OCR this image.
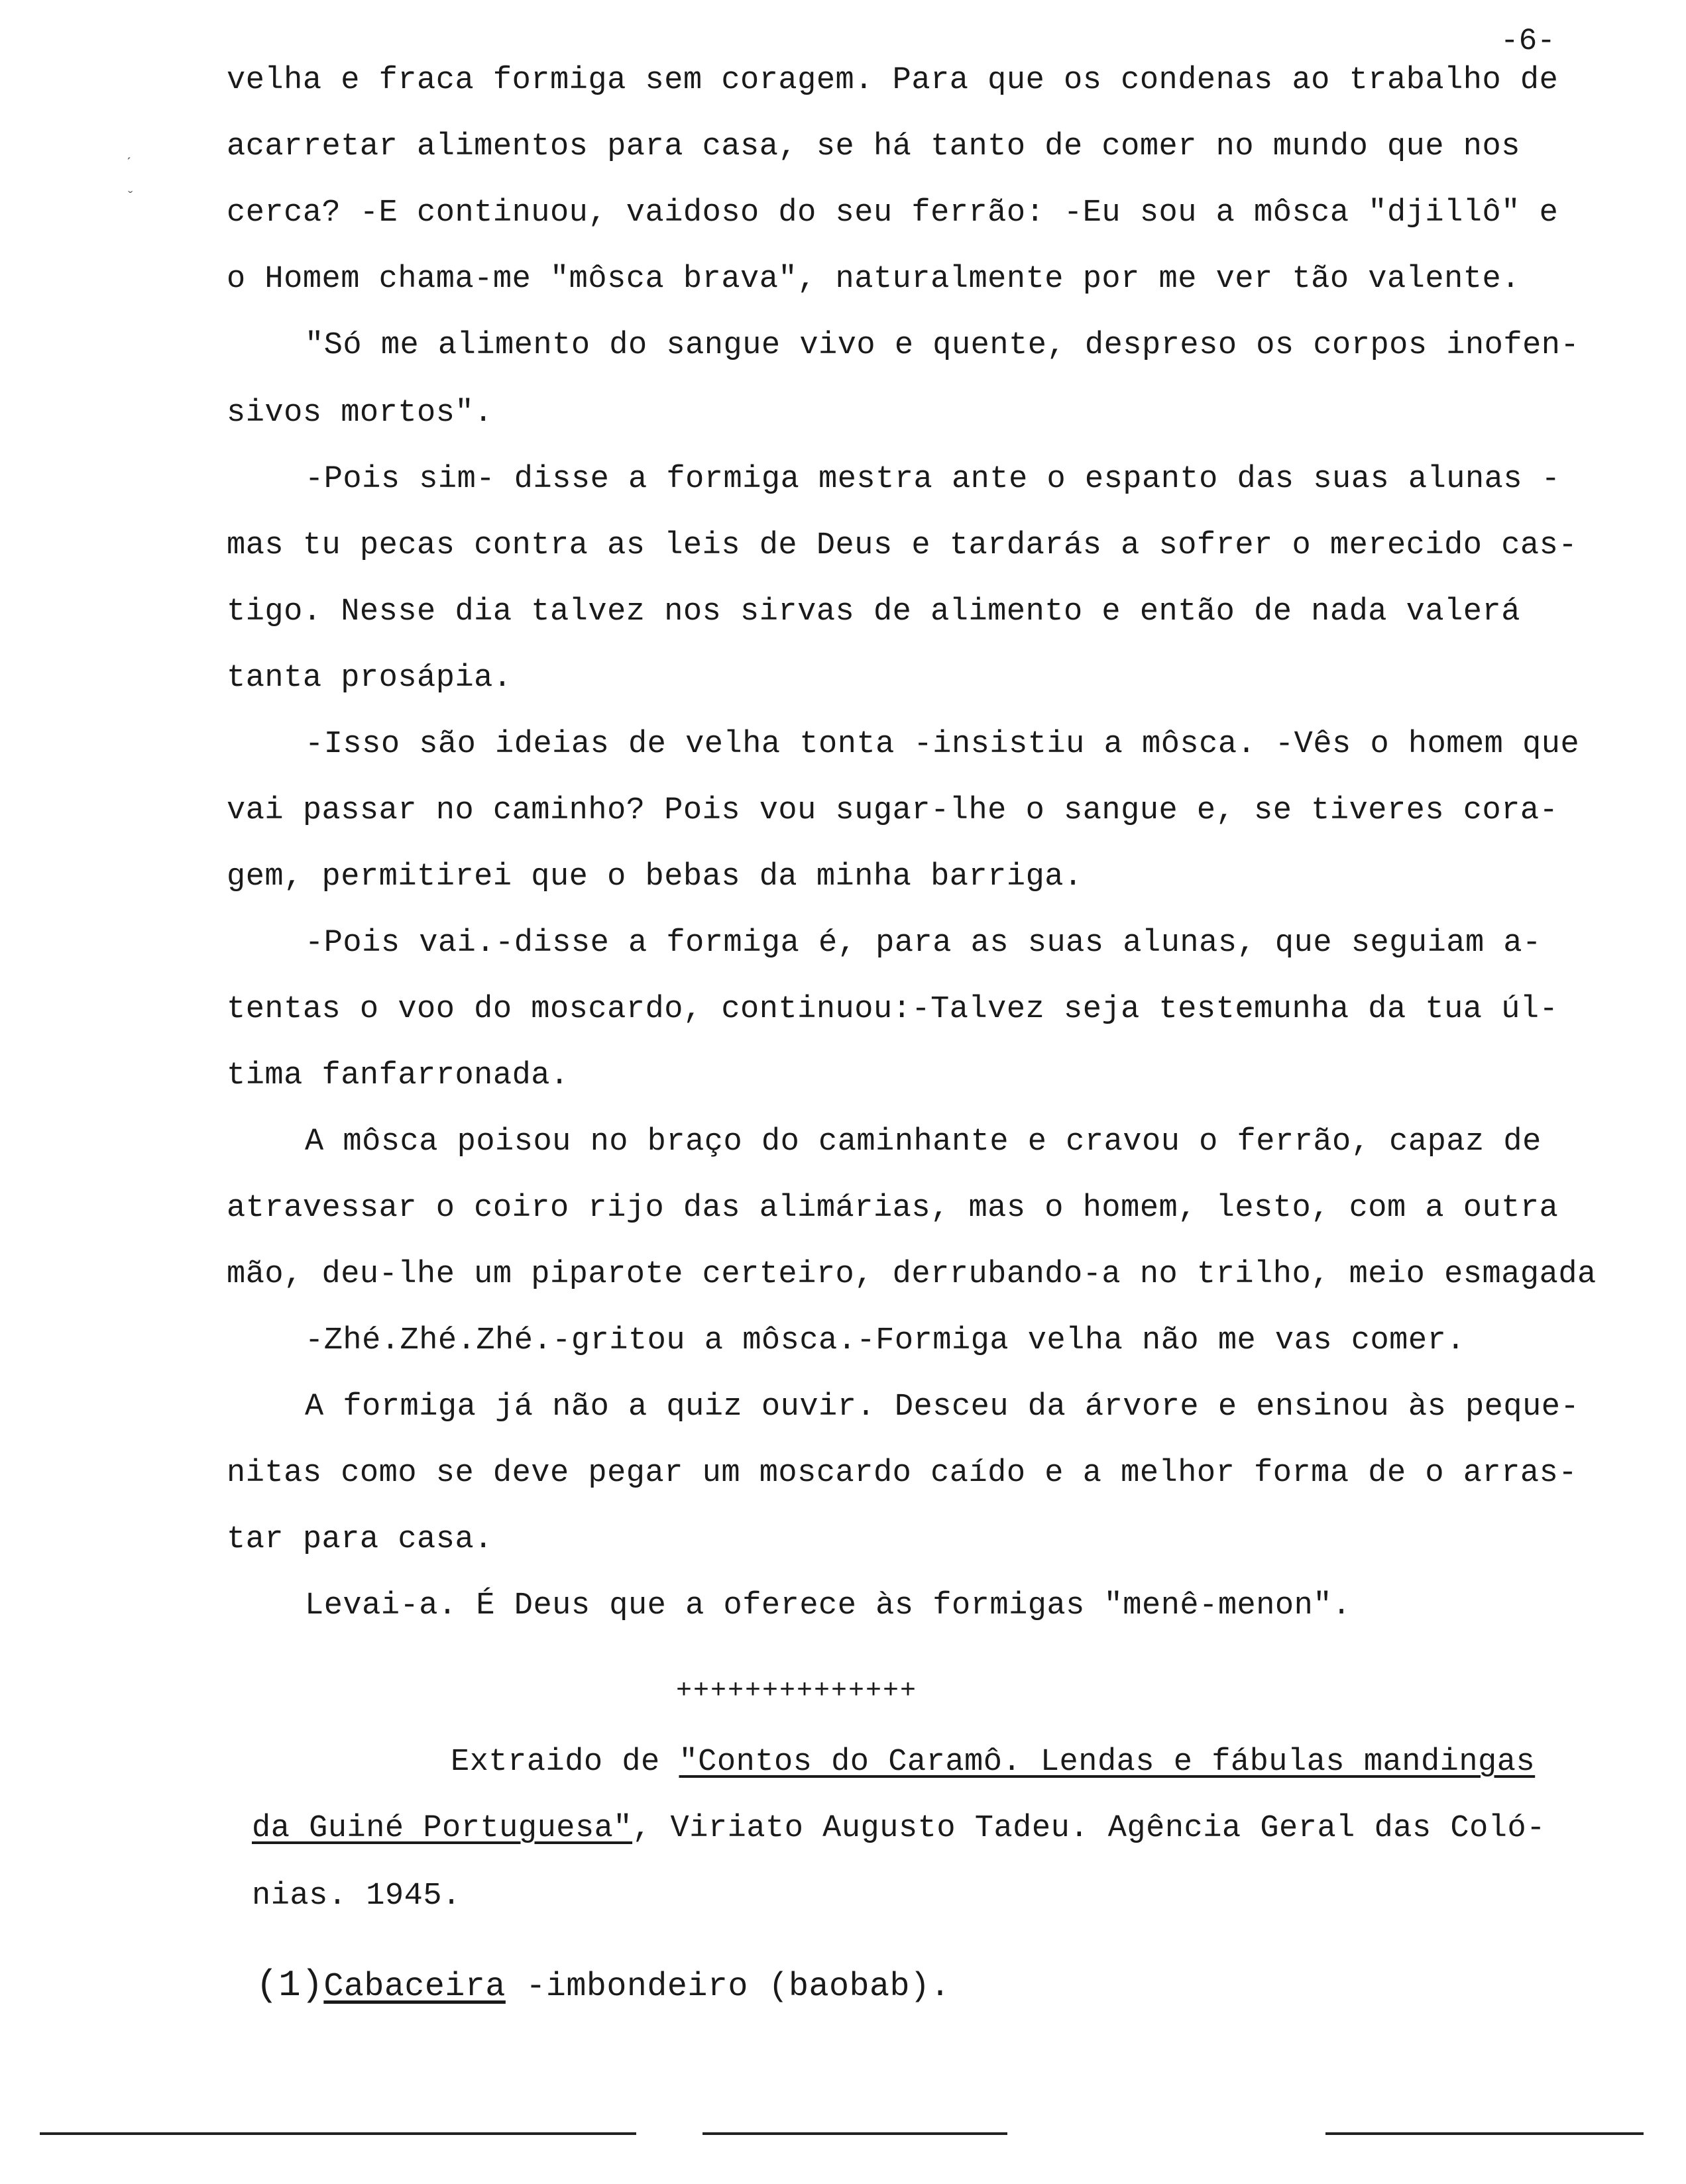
-6-
ˏ
ˇ
velha e fraca formiga sem coragem. Para que os condenas ao trabalho de
acarretar alimentos para casa, se há tanto de comer no mundo que nos
cerca? -E continuou, vaidoso do seu ferrão: -Eu sou a môsca "djillô" e
o Homem chama-me "môsca brava", naturalmente por me ver tão valente.
"Só me alimento do sangue vivo e quente, despreso os corpos inofen-
sivos mortos".
-Pois sim- disse a formiga mestra ante o espanto das suas alunas -
mas tu pecas contra as leis de Deus e tardarás a sofrer o merecido cas-
tigo. Nesse dia talvez nos sirvas de alimento e então de nada valerá
tanta prosápia.
-Isso são ideias de velha tonta -insistiu a môsca. -Vês o homem que
vai passar no caminho? Pois vou sugar-lhe o sangue e, se tiveres cora-
gem, permitirei que o bebas da minha barriga.
-Pois vai.-disse a formiga é, para as suas alunas, que seguiam a-
tentas o voo do moscardo, continuou:-Talvez seja testemunha da tua úl-
tima fanfarronada.
A môsca poisou no braço do caminhante e cravou o ferrão, capaz de
atravessar o coiro rijo das alimárias, mas o homem, lesto, com a outra
mão, deu-lhe um piparote certeiro, derrubando-a no trilho, meio esmagada
-Zhé.Zhé.Zhé.-gritou a môsca.-Formiga velha não me vas comer.
A formiga já não a quiz ouvir. Desceu da árvore e ensinou às peque-
nitas como se deve pegar um moscardo caído e a melhor forma de o arras-
tar para casa.
Levai-a. É Deus que a oferece às formigas "menê-menon".
++++++++++++++
Extraido de "Contos do Caramô. Lendas e fábulas mandingas
da Guiné Portuguesa", Viriato Augusto Tadeu. Agência Geral das Coló-
nias. 1945.
(1)Cabaceira -imbondeiro (baobab).
